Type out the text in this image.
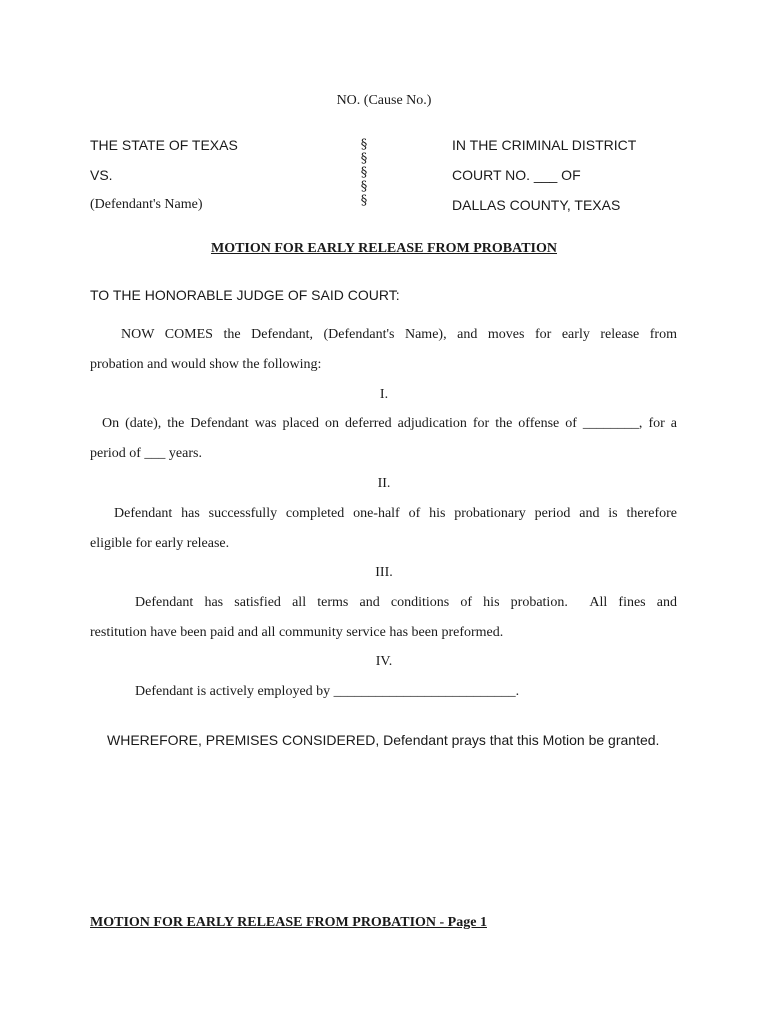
NO. (Cause No.)
THE STATE OF TEXAS
VS.
(Defendant's Name)
§
§
§
§
§
IN THE CRIMINAL DISTRICT
COURT NO. ___ OF
DALLAS COUNTY, TEXAS
MOTION FOR EARLY RELEASE FROM PROBATION
TO THE HONORABLE JUDGE OF SAID COURT:
NOW COMES the Defendant, (Defendant's Name), and moves for early release from
probation and would show the following:
I.
On (date), the Defendant was placed on deferred adjudication for the offense of ________, for a
period of ___ years.
II.
Defendant has successfully completed one-half of his probationary period and is therefore
eligible for early release.
III.
Defendant has satisfied all terms and conditions of his probation.  All fines and
restitution have been paid and all community service has been preformed.
IV.
Defendant is actively employed by __________________________.
WHEREFORE, PREMISES CONSIDERED, Defendant prays that this Motion be granted.
MOTION FOR EARLY RELEASE FROM PROBATION - Page 1
